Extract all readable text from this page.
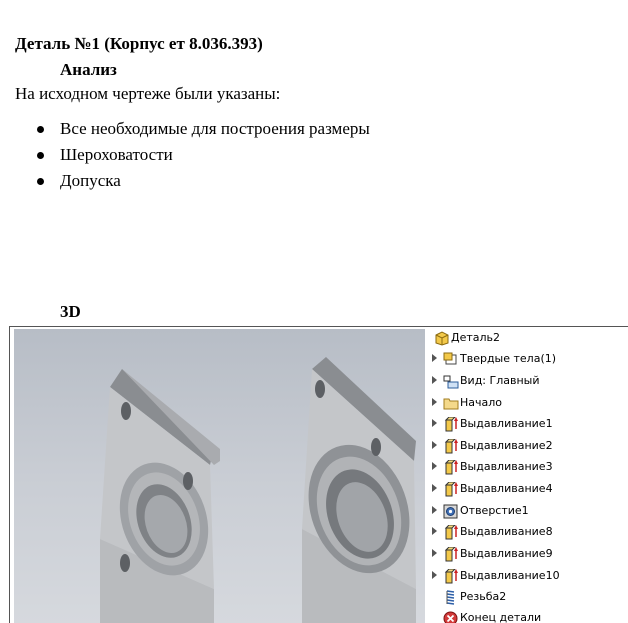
Деталь №1 (Корпус ет 8.036.393)
Анализ
На исходном чертеже были указаны:
Все необходимые для построения размеры
Шероховатости
Допуска
3D
Деталь2
Твердые тела(1)
Вид: Главный
Начало
Выдавливание1
Выдавливание2
Выдавливание3
Выдавливание4
Отверстие1
Выдавливание8
Выдавливание9
Выдавливание10
Резьба2
Конец детали
